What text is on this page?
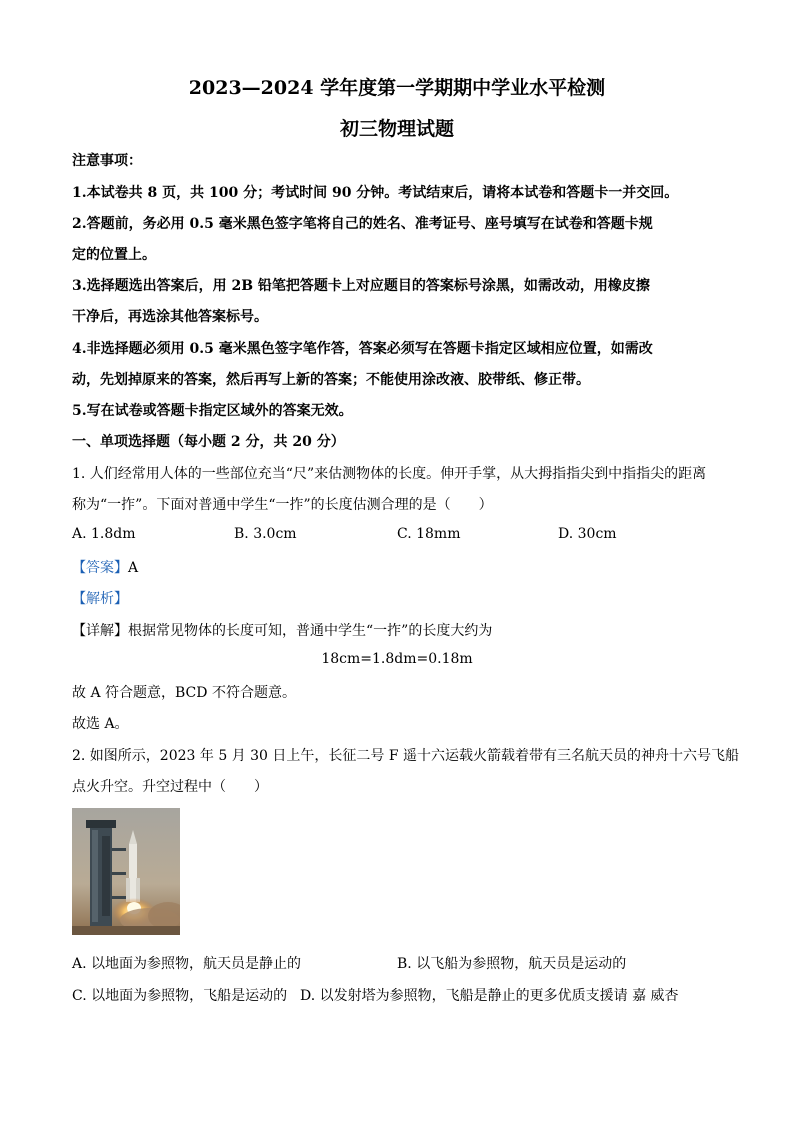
2023—2024 学年度第一学期期中学业水平检测
初三物理试题
注意事项：
1.本试卷共 8 页，共 100 分；考试时间 90 分钟。考试结束后，请将本试卷和答题卡一并交回。
2.答题前，务必用 0.5 毫米黑色签字笔将自己的姓名、准考证号、座号填写在试卷和答题卡规
定的位置上。
3.选择题选出答案后，用 2B 铅笔把答题卡上对应题目的答案标号涂黑，如需改动，用橡皮擦
干净后，再选涂其他答案标号。
4.非选择题必须用 0.5 毫米黑色签字笔作答，答案必须写在答题卡指定区域相应位置，如需改
动，先划掉原来的答案，然后再写上新的答案；不能使用涂改液、胶带纸、修正带。
5.写在试卷或答题卡指定区域外的答案无效。
一、单项选择题（每小题 2 分，共 20 分）
1. 人们经常用人体的一些部位充当“尺”来估测物体的长度。伸开手掌，从大拇指指尖到中指指尖的距离
称为“一拃”。下面对普通中学生“一拃”的长度估测合理的是（　　）
A. 1.8dm	B. 3.0cm	C. 18mm	D. 30cm
【答案】A
【解析】
【详解】根据常见物体的长度可知，普通中学生“一拃”的长度大约为
18cm=1.8dm=0.18m
故 A 符合题意，BCD 不符合题意。
故选 A。
2. 如图所示，2023 年 5 月 30 日上午，长征二号 F 遥十六运载火箭载着带有三名航天员的神舟十六号飞船
点火升空。升空过程中（　　）
A. 以地面为参照物，航天员是静止的	B. 以飞船为参照物，航天员是运动的
C. 以地面为参照物，飞船是运动的 D. 以发射塔为参照物，飞船是静止的更多优质支援请 嘉 威杏
